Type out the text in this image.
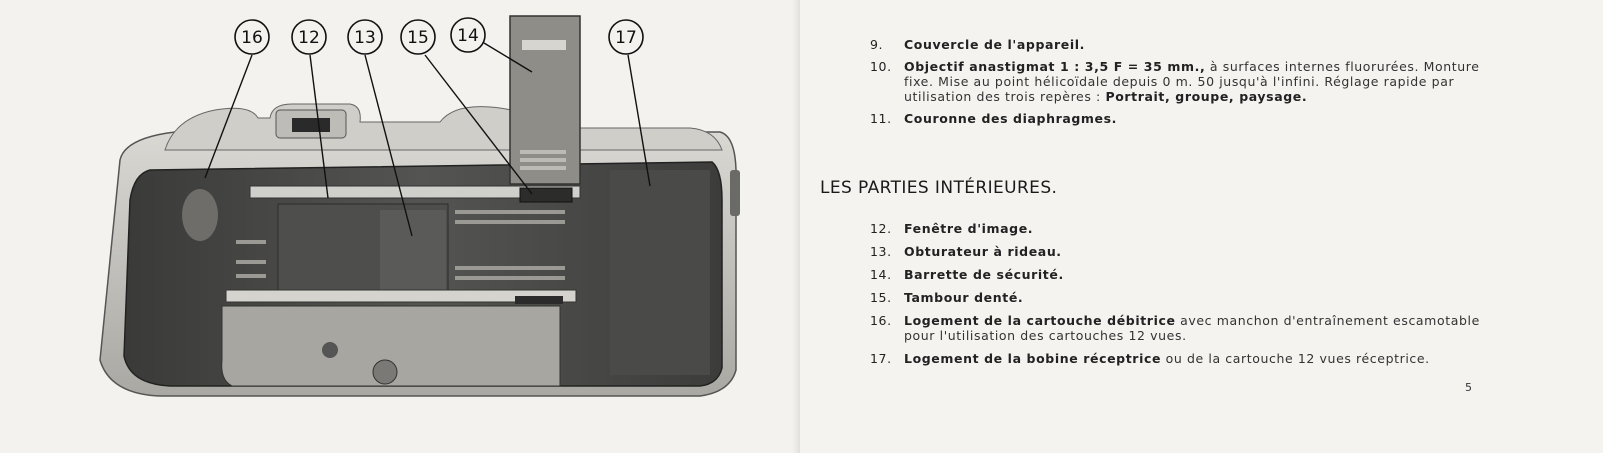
16 12 13 15 14	17	9. Couvercle de l'appareil.
10. Objectif anastigmat 1 : 3,5 F = 35 mm., à surfaces internes fluorurées. Monture fixe. Mise au point hélicoïdale depuis 0 m. 50 jusqu'à l'infini. Réglage rapide par utilisation des trois repères : Portrait, groupe, paysage.
11. Couronne des diaphragmes.
LES PARTIES INTÉRIEURES.
12. Fenêtre d'image.
13. Obturateur à rideau.
14. Barrette de sécurité.
15. Tambour denté.
16. Logement de la cartouche débitrice avec manchon d'entraînement escamotable pour l'utilisation des cartouches 12 vues.
17. Logement de la bobine réceptrice ou de la cartouche 12 vues réceptrice.
5
